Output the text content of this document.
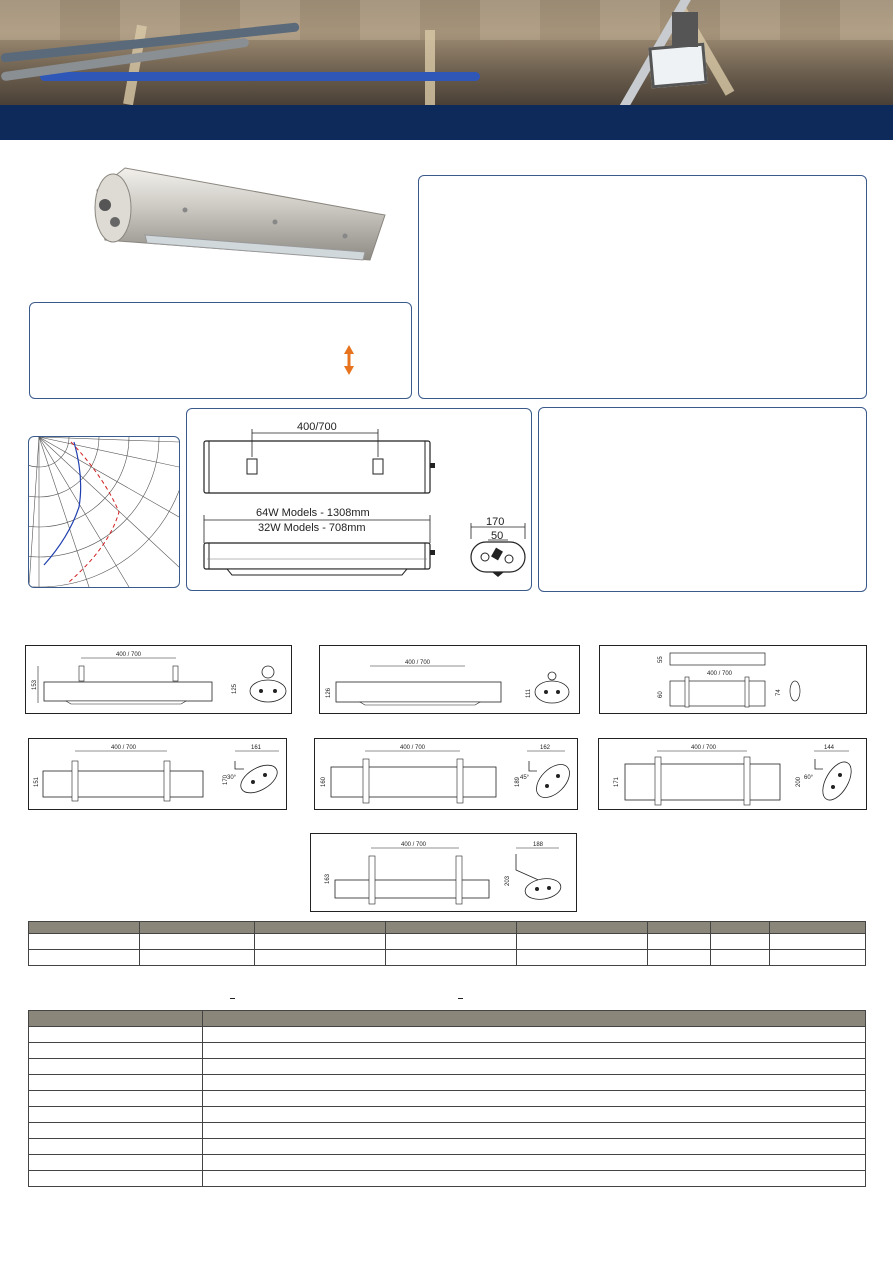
400/700
64W Models - 1308mm
32W Models - 708mm	170
50
400 / 700
153	125
400 / 700
126	111
55
400 / 700
60	74
400 / 700
151
161
170
30°
400 / 700
160
162
189 45°
400 / 700
171
144
200 60°
400 / 700
163
188
203
